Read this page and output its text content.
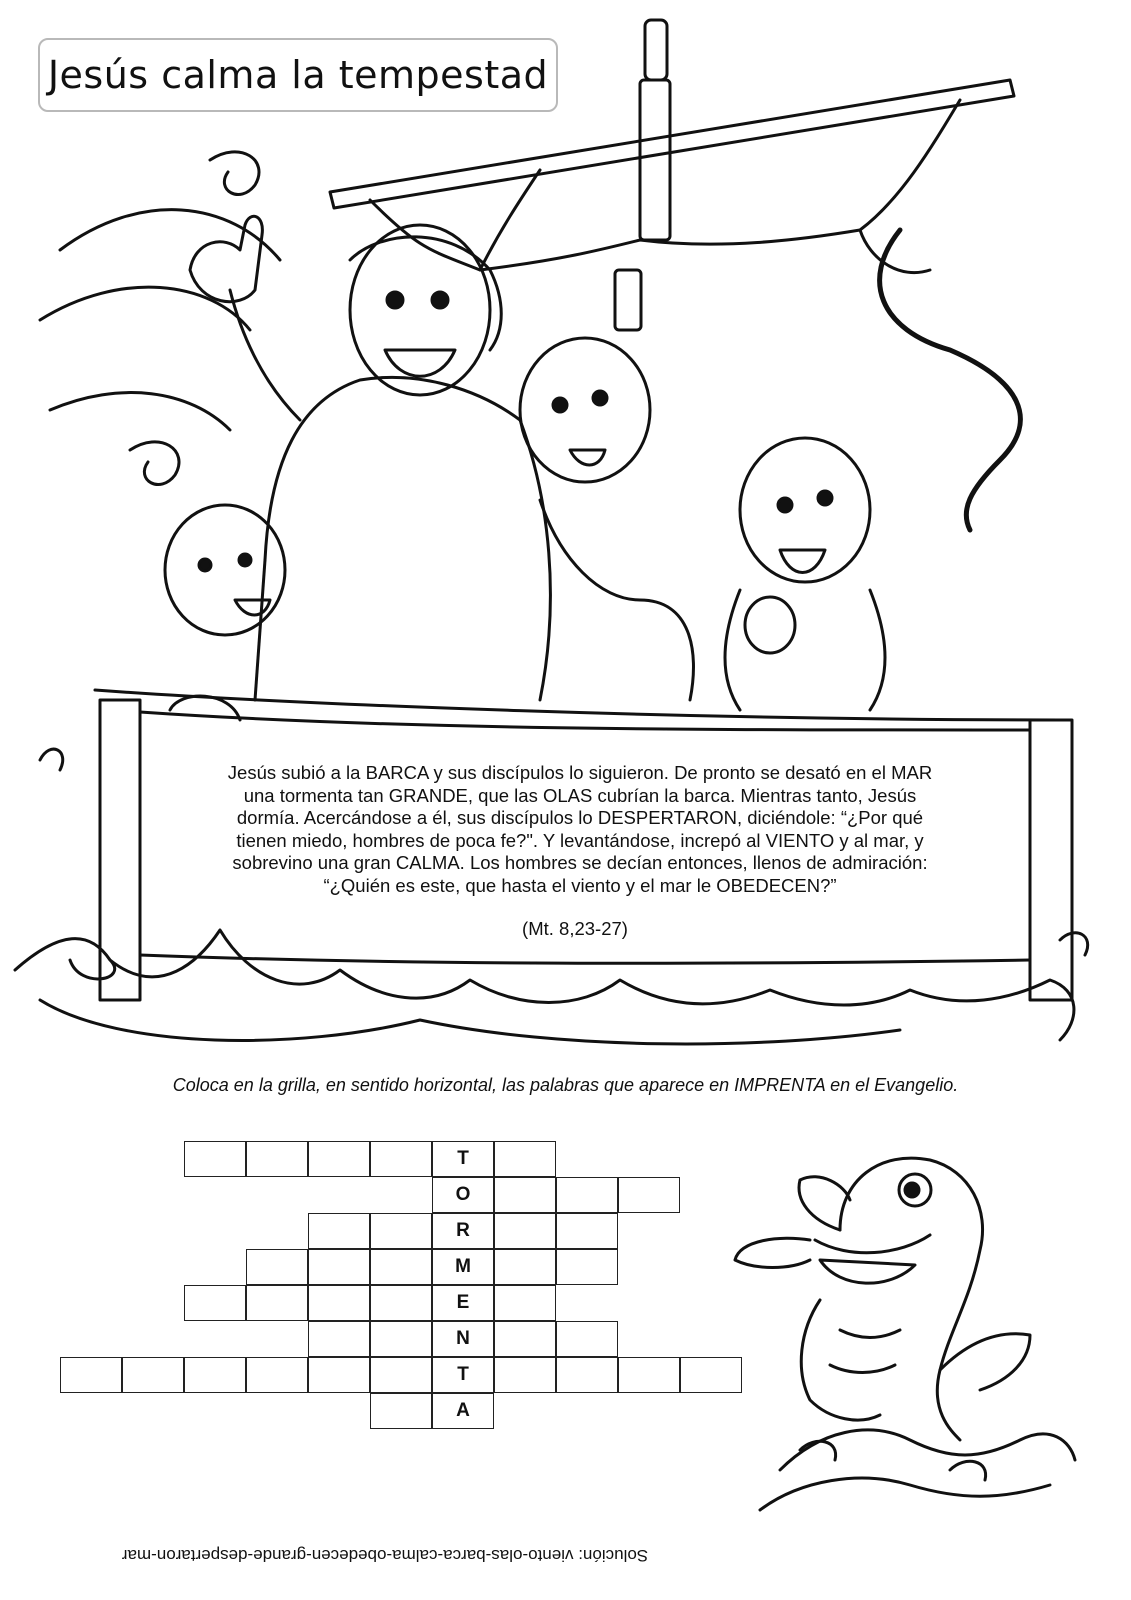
Jesús calma la tempestad

Jesús subió a la BARCA y sus discípulos lo siguieron. De pronto se desató en el MAR

una tormenta tan GRANDE, que las OLAS cubrían la barca. Mientras tanto, Jesús

dormía. Acercándose a él, sus discípulos lo DESPERTARON, diciéndole: “¿Por qué

tienen miedo, hombres de poca fe?". Y levantándose, increpó al VIENTO y al mar, y

sobrevino una gran CALMA. Los hombres se decían entonces, llenos de admiración:

“¿Quién es este, que hasta el viento y el mar le OBEDECEN?”

(Mt. 8,23-27)
Coloca en la grilla, en sentido horizontal, las palabras que aparece en IMPRENTA en el Evangelio.
T
O
R
M
E
N
T
A
Solución: viento-olas-barca-calma-obedecen-grande-despertaron-mar
